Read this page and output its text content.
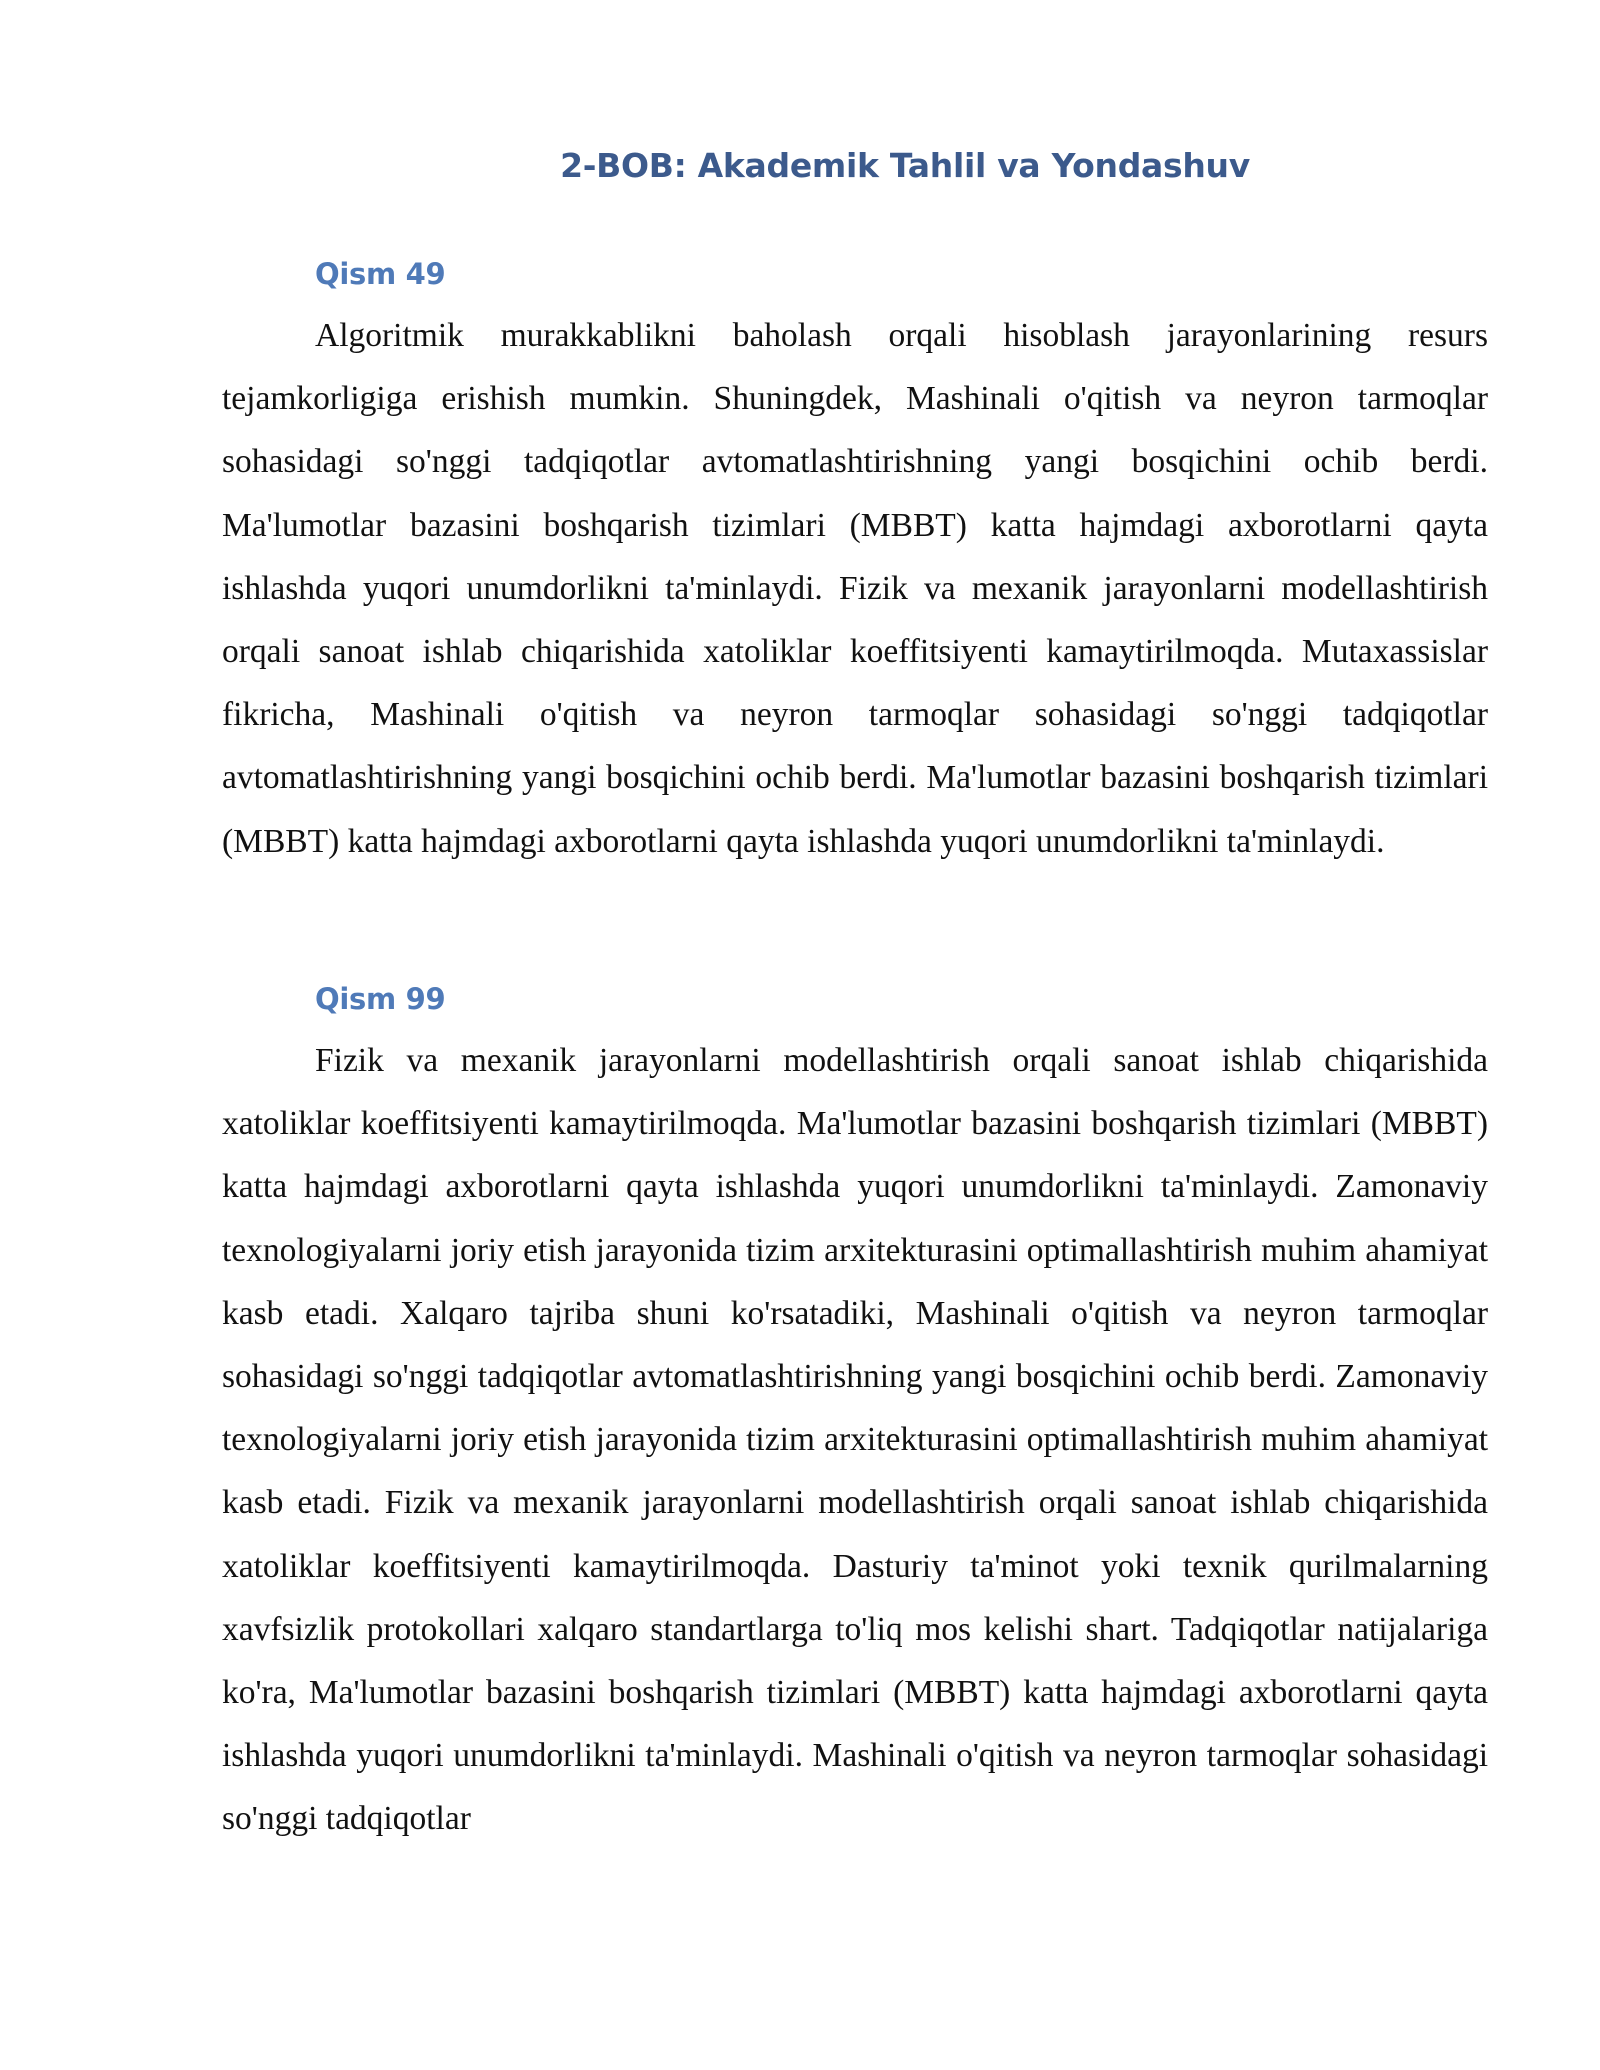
2-BOB: Akademik Tahlil va Yondashuv
Qism 49

Algoritmik murakkablikni baholash orqali hisoblash jarayonlarining resurs tejamkorligiga erishish mumkin. Shuningdek, Mashinali o'qitish va neyron tarmoqlar sohasidagi so'nggi tadqiqotlar avtomatlashtirishning yangi bosqichini ochib berdi. Ma'lumotlar bazasini boshqarish tizimlari (MBBT) katta hajmdagi axborotlarni qayta ishlashda yuqori unumdorlikni ta'minlaydi. Fizik va mexanik jarayonlarni modellashtirish orqali sanoat ishlab chiqarishida xatoliklar koeffitsiyenti kamaytirilmoqda. Mutaxassislar fikricha, Mashinali o'qitish va neyron tarmoqlar sohasidagi so'nggi tadqiqotlar avtomatlashtirishning yangi bosqichini ochib berdi. Ma'lumotlar bazasini boshqarish tizimlari (MBBT) katta hajmdagi axborotlarni qayta ishlashda yuqori unumdorlikni ta'minlaydi.

Qism 99

Fizik va mexanik jarayonlarni modellashtirish orqali sanoat ishlab chiqarishida xatoliklar koeffitsiyenti kamaytirilmoqda. Ma'lumotlar bazasini boshqarish tizimlari (MBBT) katta hajmdagi axborotlarni qayta ishlashda yuqori unumdorlikni ta'minlaydi. Zamonaviy texnologiyalarni joriy etish jarayonida tizim arxitekturasini optimallashtirish muhim ahamiyat kasb etadi. Xalqaro tajriba shuni ko'rsatadiki, Mashinali o'qitish va neyron tarmoqlar sohasidagi so'nggi tadqiqotlar avtomatlashtirishning yangi bosqichini ochib berdi. Zamonaviy texnologiyalarni joriy etish jarayonida tizim arxitekturasini optimallashtirish muhim ahamiyat kasb etadi. Fizik va mexanik jarayonlarni modellashtirish orqali sanoat ishlab chiqarishida xatoliklar koeffitsiyenti kamaytirilmoqda. Dasturiy ta'minot yoki texnik qurilmalarning xavfsizlik protokollari xalqaro standartlarga to'liq mos kelishi shart. Tadqiqotlar natijalariga ko'ra, Ma'lumotlar bazasini boshqarish tizimlari (MBBT) katta hajmdagi axborotlarni qayta ishlashda yuqori unumdorlikni ta'minlaydi. Mashinali o'qitish va neyron tarmoqlar sohasidagi so'nggi tadqiqotlar
